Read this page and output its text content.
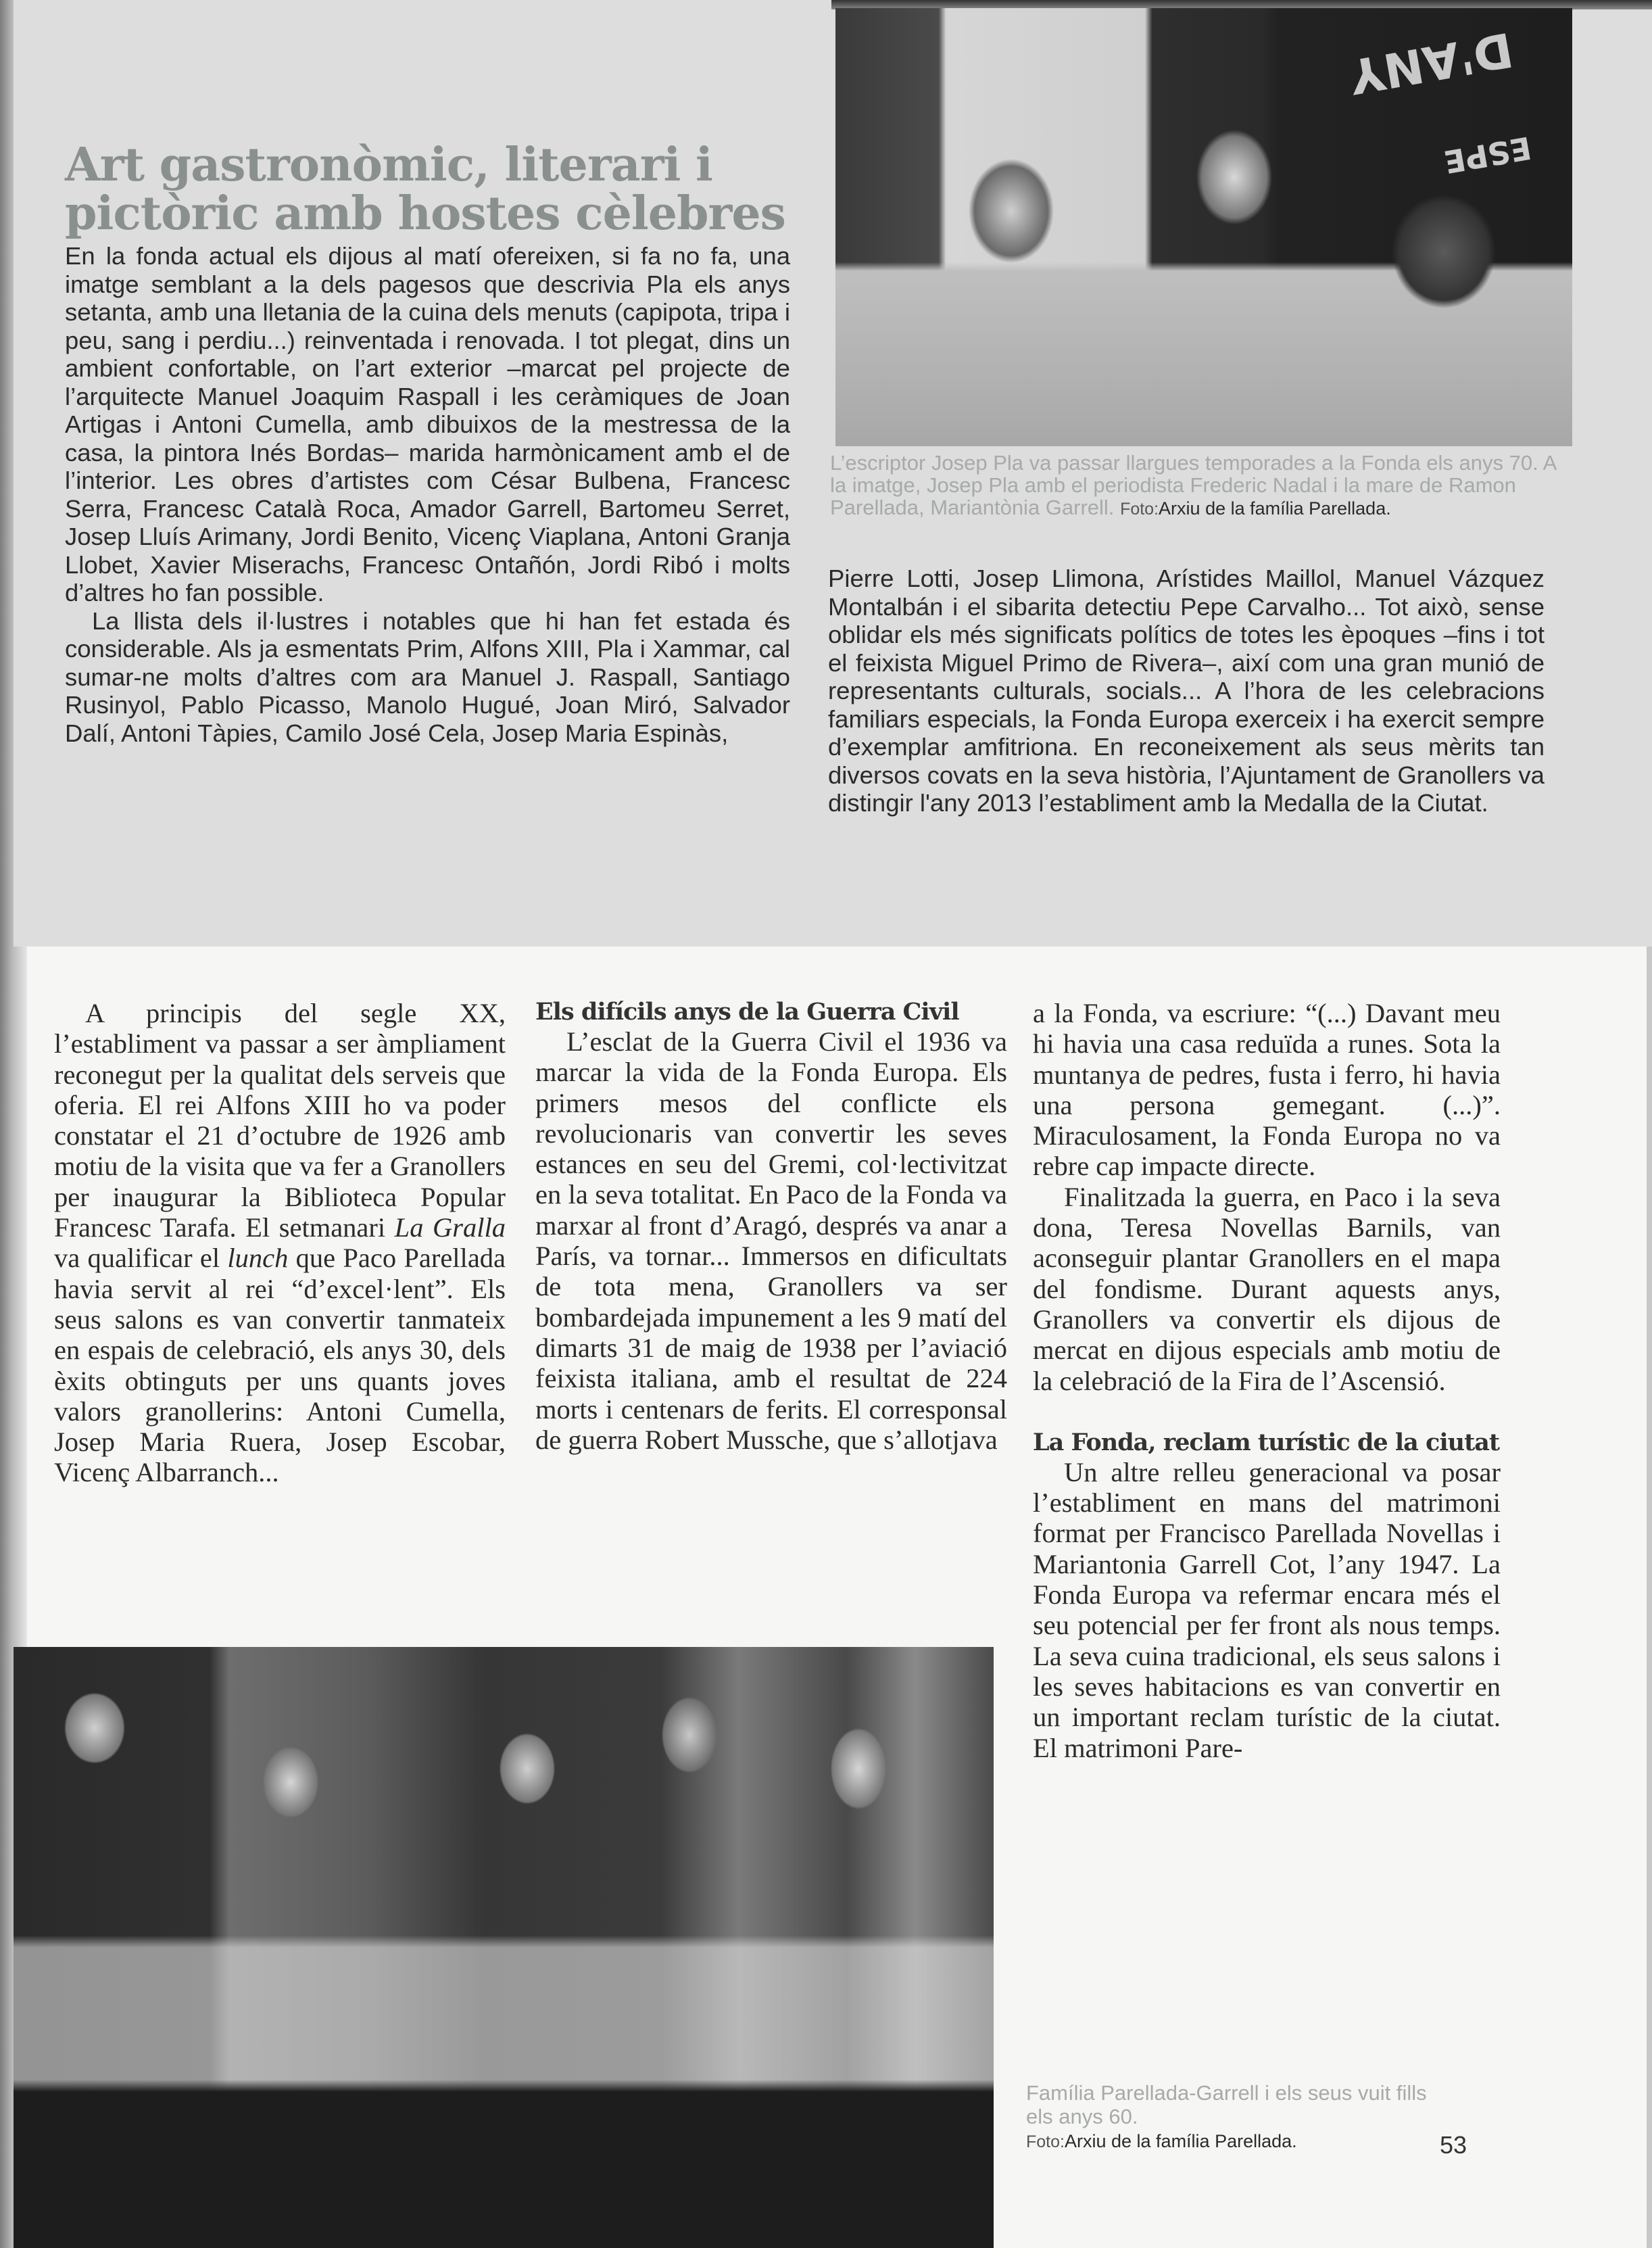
Art gastronòmic, literari i pictòric amb hostes cèlebres

En la fonda actual els dijous al matí ofereixen, si fa no fa, una imatge semblant a la dels pagesos que descrivia Pla els anys setanta, amb una lletania de la cuina dels menuts (capipota, tripa i peu, sang i perdiu...) reinventada i renovada. I tot plegat, dins un ambient confortable, on l’art exterior –marcat pel projecte de l’arquitecte Manuel Joaquim Raspall i les ceràmiques de Joan Artigas i Antoni Cumella, amb dibuixos de la mestressa de la casa, la pintora Inés Bordas– marida harmònicament amb el de l’interior. Les obres d’artistes com César Bulbena, Francesc Serra, Francesc Català Roca, Amador Garrell, Bartomeu Serret, Josep Lluís Arimany, Jordi Benito, Vicenç Viaplana, Antoni Granja Llobet, Xavier Miserachs, Francesc Ontañón, Jordi Ribó i molts d’altres ho fan possible.

La llista dels il·lustres i notables que hi han fet estada és considerable. Als ja esmentats Prim, Alfons XIII, Pla i Xammar, cal sumar-ne molts d’altres com ara Manuel J. Raspall, Santiago Rusinyol, Pablo Picasso, Manolo Hugué, Joan Miró, Salvador Dalí, Antoni Tàpies, Camilo José Cela, Josep Maria Espinàs,

D'ANY
ESPE

L’escriptor Josep Pla va passar llargues temporades a la Fonda els anys 70. A la imatge, Josep Pla amb el periodista Frederic Nadal i la mare de Ramon Parellada, Mariantònia Garrell. Foto:Arxiu de la família Parellada.

Pierre Lotti, Josep Llimona, Arístides Maillol, Manuel Vázquez Montalbán i el sibarita detectiu Pepe Carvalho... Tot això, sense oblidar els més significats polítics de totes les èpoques –fins i tot el feixista Miguel Primo de Rivera–, així com una gran munió de representants culturals, socials... A l’hora de les celebracions familiars especials, la Fonda Europa exerceix i ha exercit sempre d’exemplar amfitriona. En reconeixement als seus mèrits tan diversos covats en la seva història, l’Ajuntament de Granollers va distingir l'any 2013 l’establiment amb la Medalla de la Ciutat.

A principis del segle XX, l’establiment va passar a ser àmpliament reconegut per la qualitat dels serveis que oferia. El rei Alfons XIII ho va poder constatar el 21 d’octubre de 1926 amb motiu de la visita que va fer a Granollers per inaugurar la Biblioteca Popular Francesc Tarafa. El setmanari La Gralla va qualificar el lunch que Paco Parellada havia servit al rei “d’excel·lent”. Els seus salons es van convertir tanmateix en espais de celebració, els anys 30, dels èxits obtinguts per uns quants joves valors granollerins: Antoni Cumella, Josep Maria Ruera, Josep Escobar, Vicenç Albarranch...

Els difícils anys de la Guerra Civil

L’esclat de la Guerra Civil el 1936 va marcar la vida de la Fonda Europa. Els primers mesos del conflicte els revolucionaris van convertir les seves estances en seu del Gremi, col·lectivitzat en la seva totalitat. En Paco de la Fonda va marxar al front d’Aragó, després va anar a París, va tornar... Immersos en dificultats de tota mena, Granollers va ser bombardejada impunement a les 9 matí del dimarts 31 de maig de 1938 per l’aviació feixista italiana, amb el resultat de 224 morts i centenars de ferits. El corresponsal de guerra Robert Mussche, que s’allotjava

a la Fonda, va escriure: “(...) Davant meu hi havia una casa reduïda a runes. Sota la muntanya de pedres, fusta i ferro, hi havia una persona gemegant. (...)”. Miraculosament, la Fonda Europa no va rebre cap impacte directe.

Finalitzada la guerra, en Paco i la seva dona, Teresa Novellas Barnils, van aconseguir plantar Granollers en el mapa del fondisme. Durant aquests anys, Granollers va convertir els dijous de mercat en dijous especials amb motiu de la celebració de la Fira de l’Ascensió.

La Fonda, reclam turístic de la ciutat

Un altre relleu generacional va posar l’establiment en mans del matrimoni format per Francisco Parellada Novellas i Mariantonia Garrell Cot, l’any 1947. La Fonda Europa va refermar encara més el seu potencial per fer front als nous temps. La seva cuina tradicional, els seus salons i les seves habitacions es van convertir en un important reclam turístic de la ciutat. El matrimoni Pare-

Família Parellada-Garrell i els seus vuit fills els anys 60.
Foto:Arxiu de la família Parellada.	53
